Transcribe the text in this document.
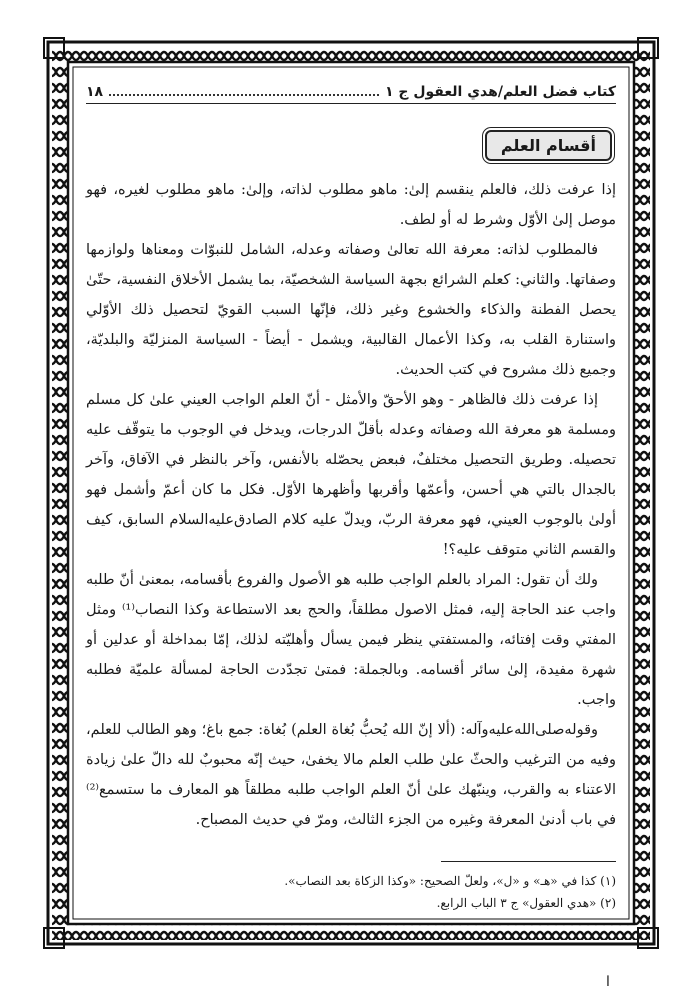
كتاب فضل العلم/هدي العقول ج ١
١٨
أقسام العلم

إذا عرفت ذلك، فالعلم ينقسم إلىٰ: ماهو مطلوب لذاته، وإلىٰ: ماهو مطلوب لغيره، فهو موصل إلىٰ الأوّل وشرط له أو لطف.

فالمطلوب لذاته: معرفة الله تعالىٰ وصفاته وعدله، الشامل للنبوّات ومعناها ولوازمها وصفاتها. والثاني: كعلم الشرائع بجهة السياسة الشخصيّة، بما يشمل الأخلاق النفسية، حتّىٰ يحصل الفطنة والذكاء والخشوع وغير ذلك، فإنّها السبب القويّ لتحصيل ذلك الأوّلي واستنارة القلب به، وكذا الأعمال القالبية، ويشمل - أيضاً - السياسة المنزليّة والبلديّة، وجميع ذلك مشروح في كتب الحديث.

إذا عرفت ذلك فالظاهر - وهو الأحقّ والأمثل - أنّ العلم الواجب العيني علىٰ كل مسلم ومسلمة هو معرفة الله وصفاته وعدله بأقلّ الدرجات، ويدخل في الوجوب ما يتوقّف عليه تحصيله. وطريق التحصيل مختلفٌ، فبعض يحصّله بالأنفس، وآخر بالنظر في الآفاق، وآخر بالجدال بالتي هي أحسن، وأعمّها وأقربها وأظهرها الأوّل. فكل ما كان أعمّ وأشمل فهو أولىٰ بالوجوب العيني، فهو معرفة الربّ، ويدلّ عليه كلام الصادق‌عليه‌السلام السابق، كيف والقسم الثاني متوقف عليه؟!

ولك أن تقول: المراد بالعلم الواجب طلبه هو الأصول والفروع بأقسامه، بمعنىٰ أنّ طلبه واجب عند الحاجة إليه، فمثل الاصول مطلقاً، والحج بعد الاستطاعة وكذا النصاب⁽¹⁾ ومثل المفتي وقت إفتائه، والمستفتي ينظر فيمن يسأل وأهليّته لذلك، إمّا بمداخلة أو عدلين أو شهرة مفيدة، إلىٰ سائر أقسامه. وبالجملة: فمتىٰ تجدّدت الحاجة لمسألة علميّة فطلبه واجب.

وقوله‌صلى‌الله‌عليه‌وآله: (ألا إنّ الله يُحبُّ بُغاة العلم) بُغاة: جمع باغ؛ وهو الطالب للعلم، وفيه من الترغيب والحثّ علىٰ طلب العلم مالا يخفىٰ، حيث إنّه محبوبٌ لله دالّ علىٰ زيادة الاعتناء به والقرب، وينبّهك علىٰ أنّ العلم الواجب طلبه مطلقاً هو المعارف ما ستسمع⁽²⁾ في باب أدنىٰ المعرفة وغيره من الجزء الثالث، ومرّ في حديث المصباح.

(١) كذا في «هـ» و «ل»، ولعلّ الصحيح: «وكذا الزكاة بعد النصاب».

(٢) «هدي العقول» ج ٣ الباب الرابع.

ا
